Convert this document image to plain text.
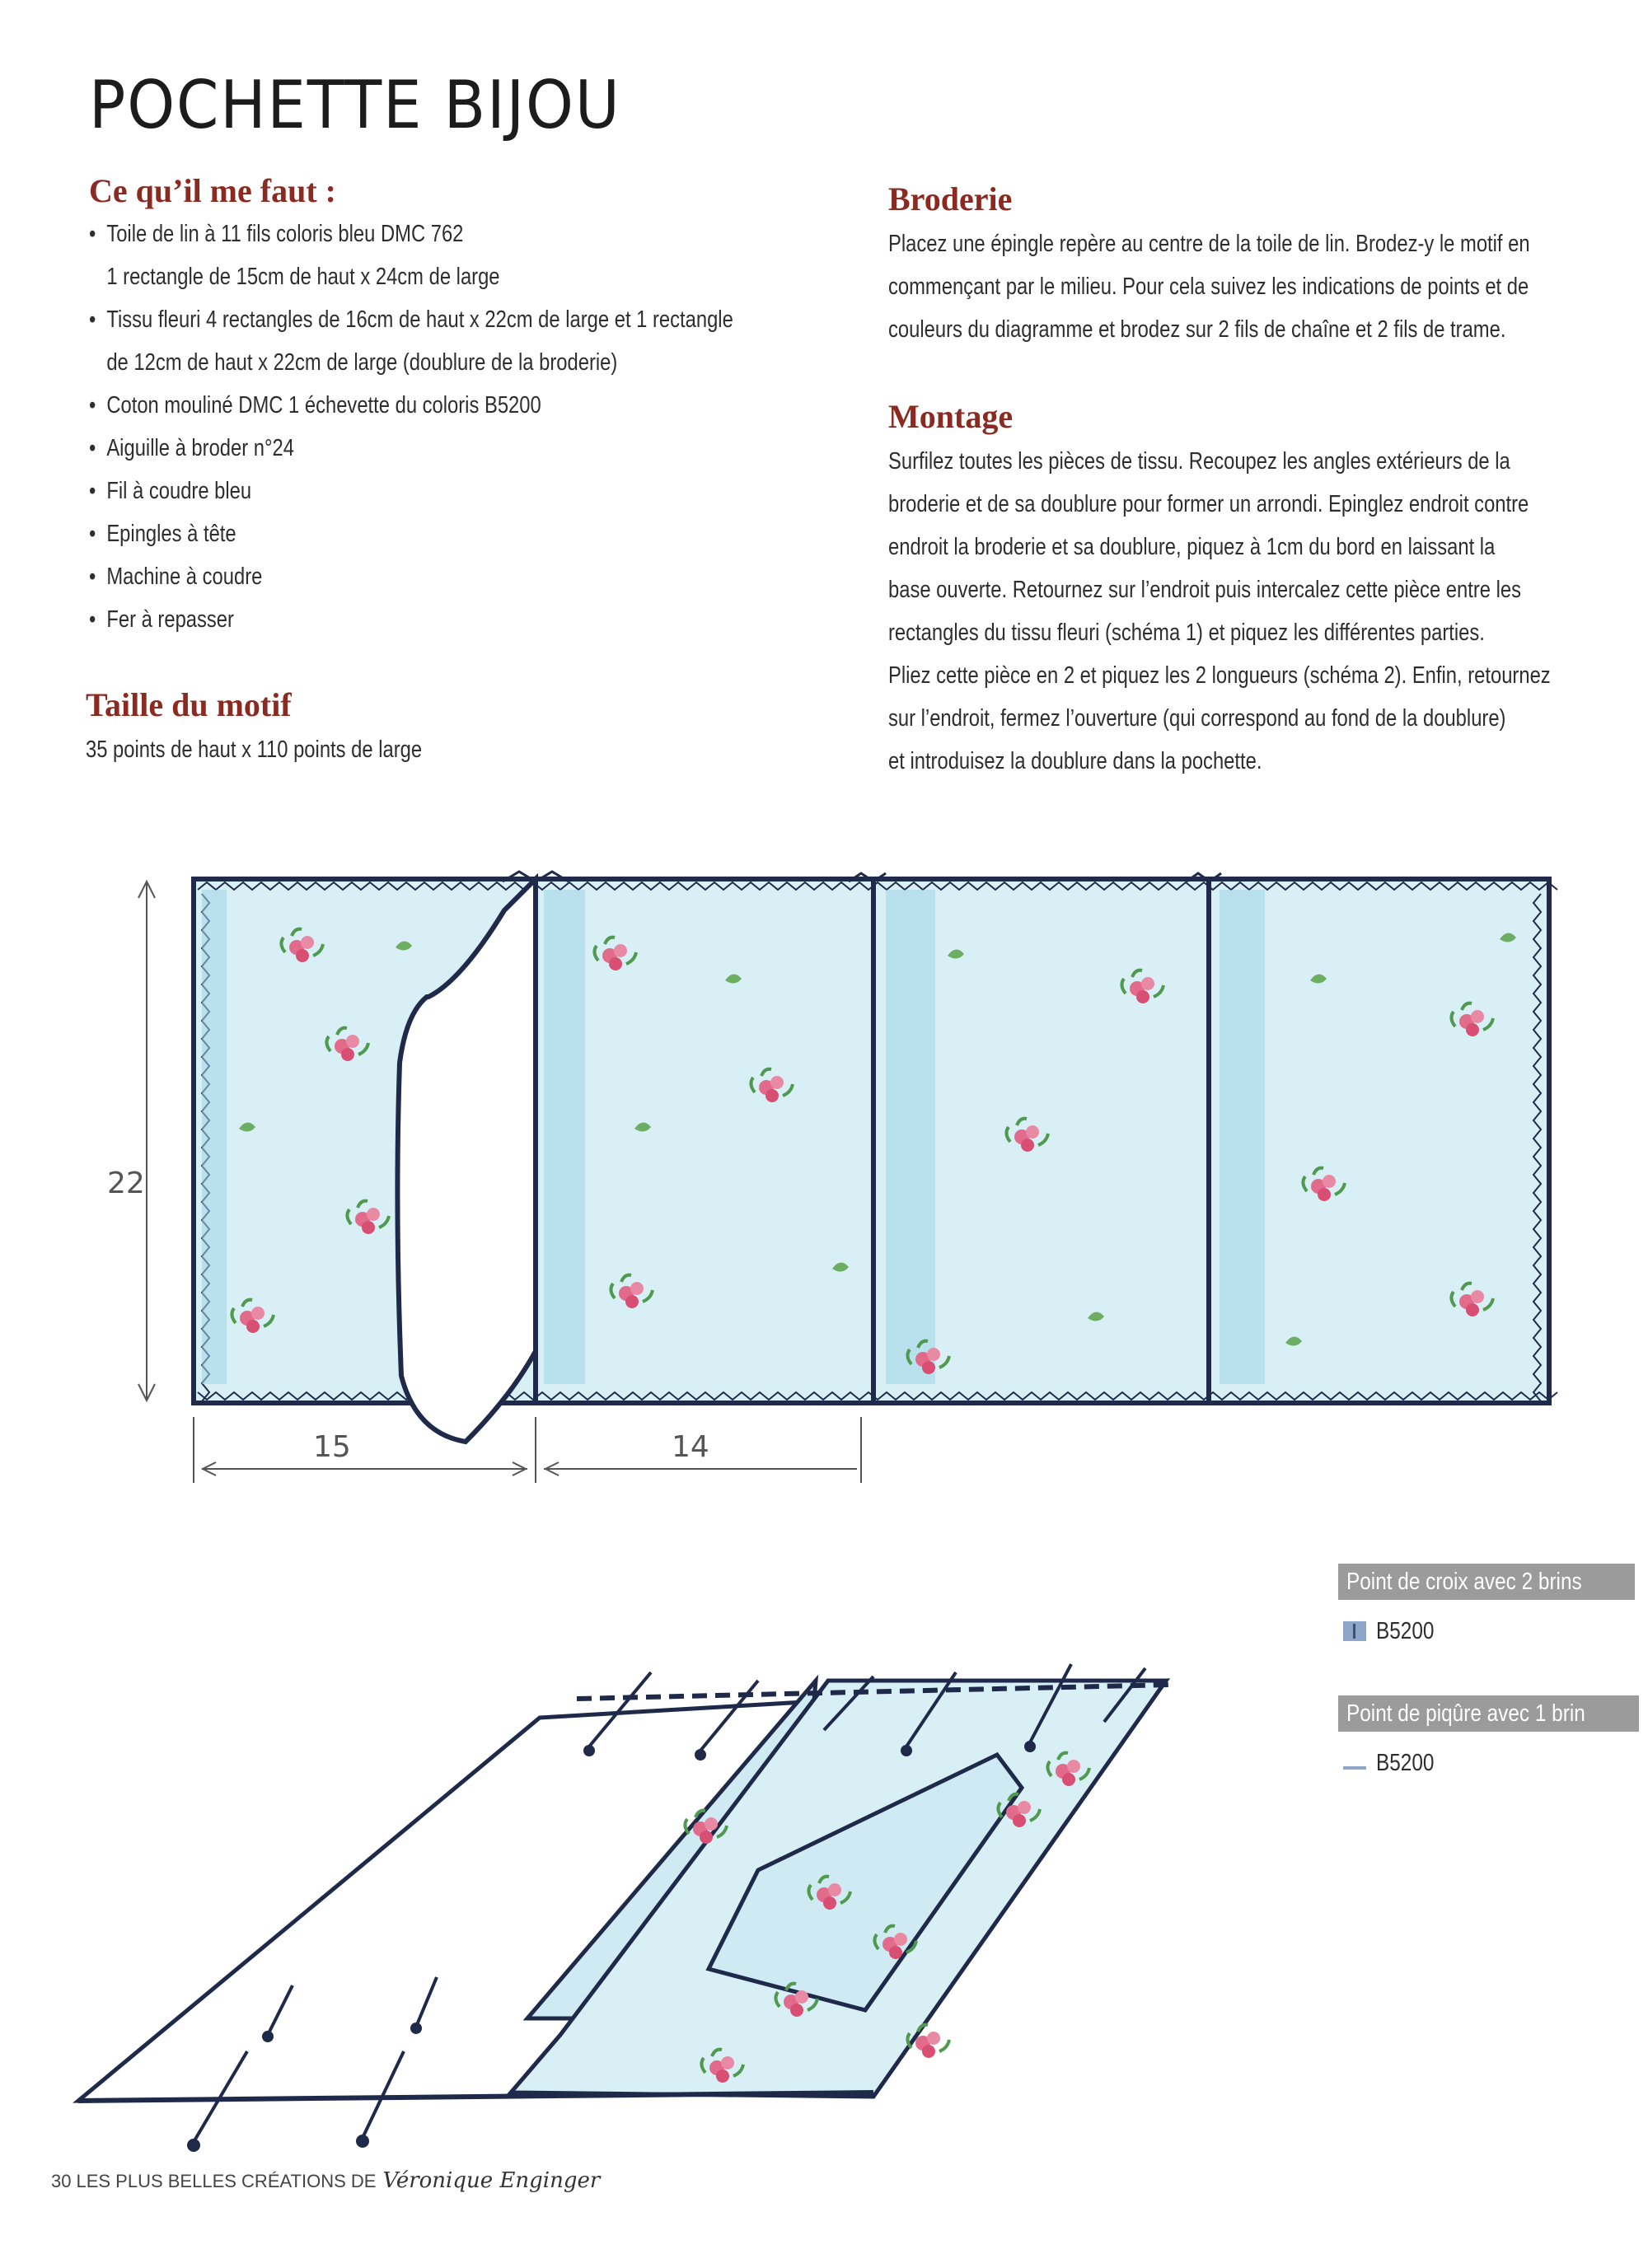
POCHETTE BIJOU
Ce qu’il me faut :
• Toile de lin à 11 fils coloris bleu DMC 762
1 rectangle de 15cm de haut x 24cm de large
• Tissu fleuri 4 rectangles de 16cm de haut x 22cm de large et 1 rectangle
de 12cm de haut x 22cm de large (doublure de la broderie)
• Coton mouliné DMC 1 échevette du coloris B5200
• Aiguille à broder n°24
• Fil à coudre bleu
• Epingles à tête
• Machine à coudre
• Fer à repasser
Taille du motif
35 points de haut x 110 points de large
Broderie
Placez une épingle repère au centre de la toile de lin. Brodez-y le motif en
commençant par le milieu. Pour cela suivez les indications de points et de
couleurs du diagramme et brodez sur 2 fils de chaîne et 2 fils de trame.
Montage
Surfilez toutes les pièces de tissu. Recoupez les angles extérieurs de la
broderie et de sa doublure pour former un arrondi. Epinglez endroit contre
endroit la broderie et sa doublure, piquez à 1cm du bord en laissant la
base ouverte. Retournez sur l’endroit puis intercalez cette pièce entre les
rectangles du tissu fleuri (schéma 1) et piquez les différentes parties.
Pliez cette pièce en 2 et piquez les 2 longueurs (schéma 2). Enfin, retournez
sur l’endroit, fermez l’ouverture (qui correspond au fond de la doublure)
et introduisez la doublure dans la pochette.
22
15	14
Point de croix avec 2 brins
B5200
Point de piqûre avec 1 brin
B5200
30 LES PLUS BELLES CRÉATIONS DE Véronique Enginger
